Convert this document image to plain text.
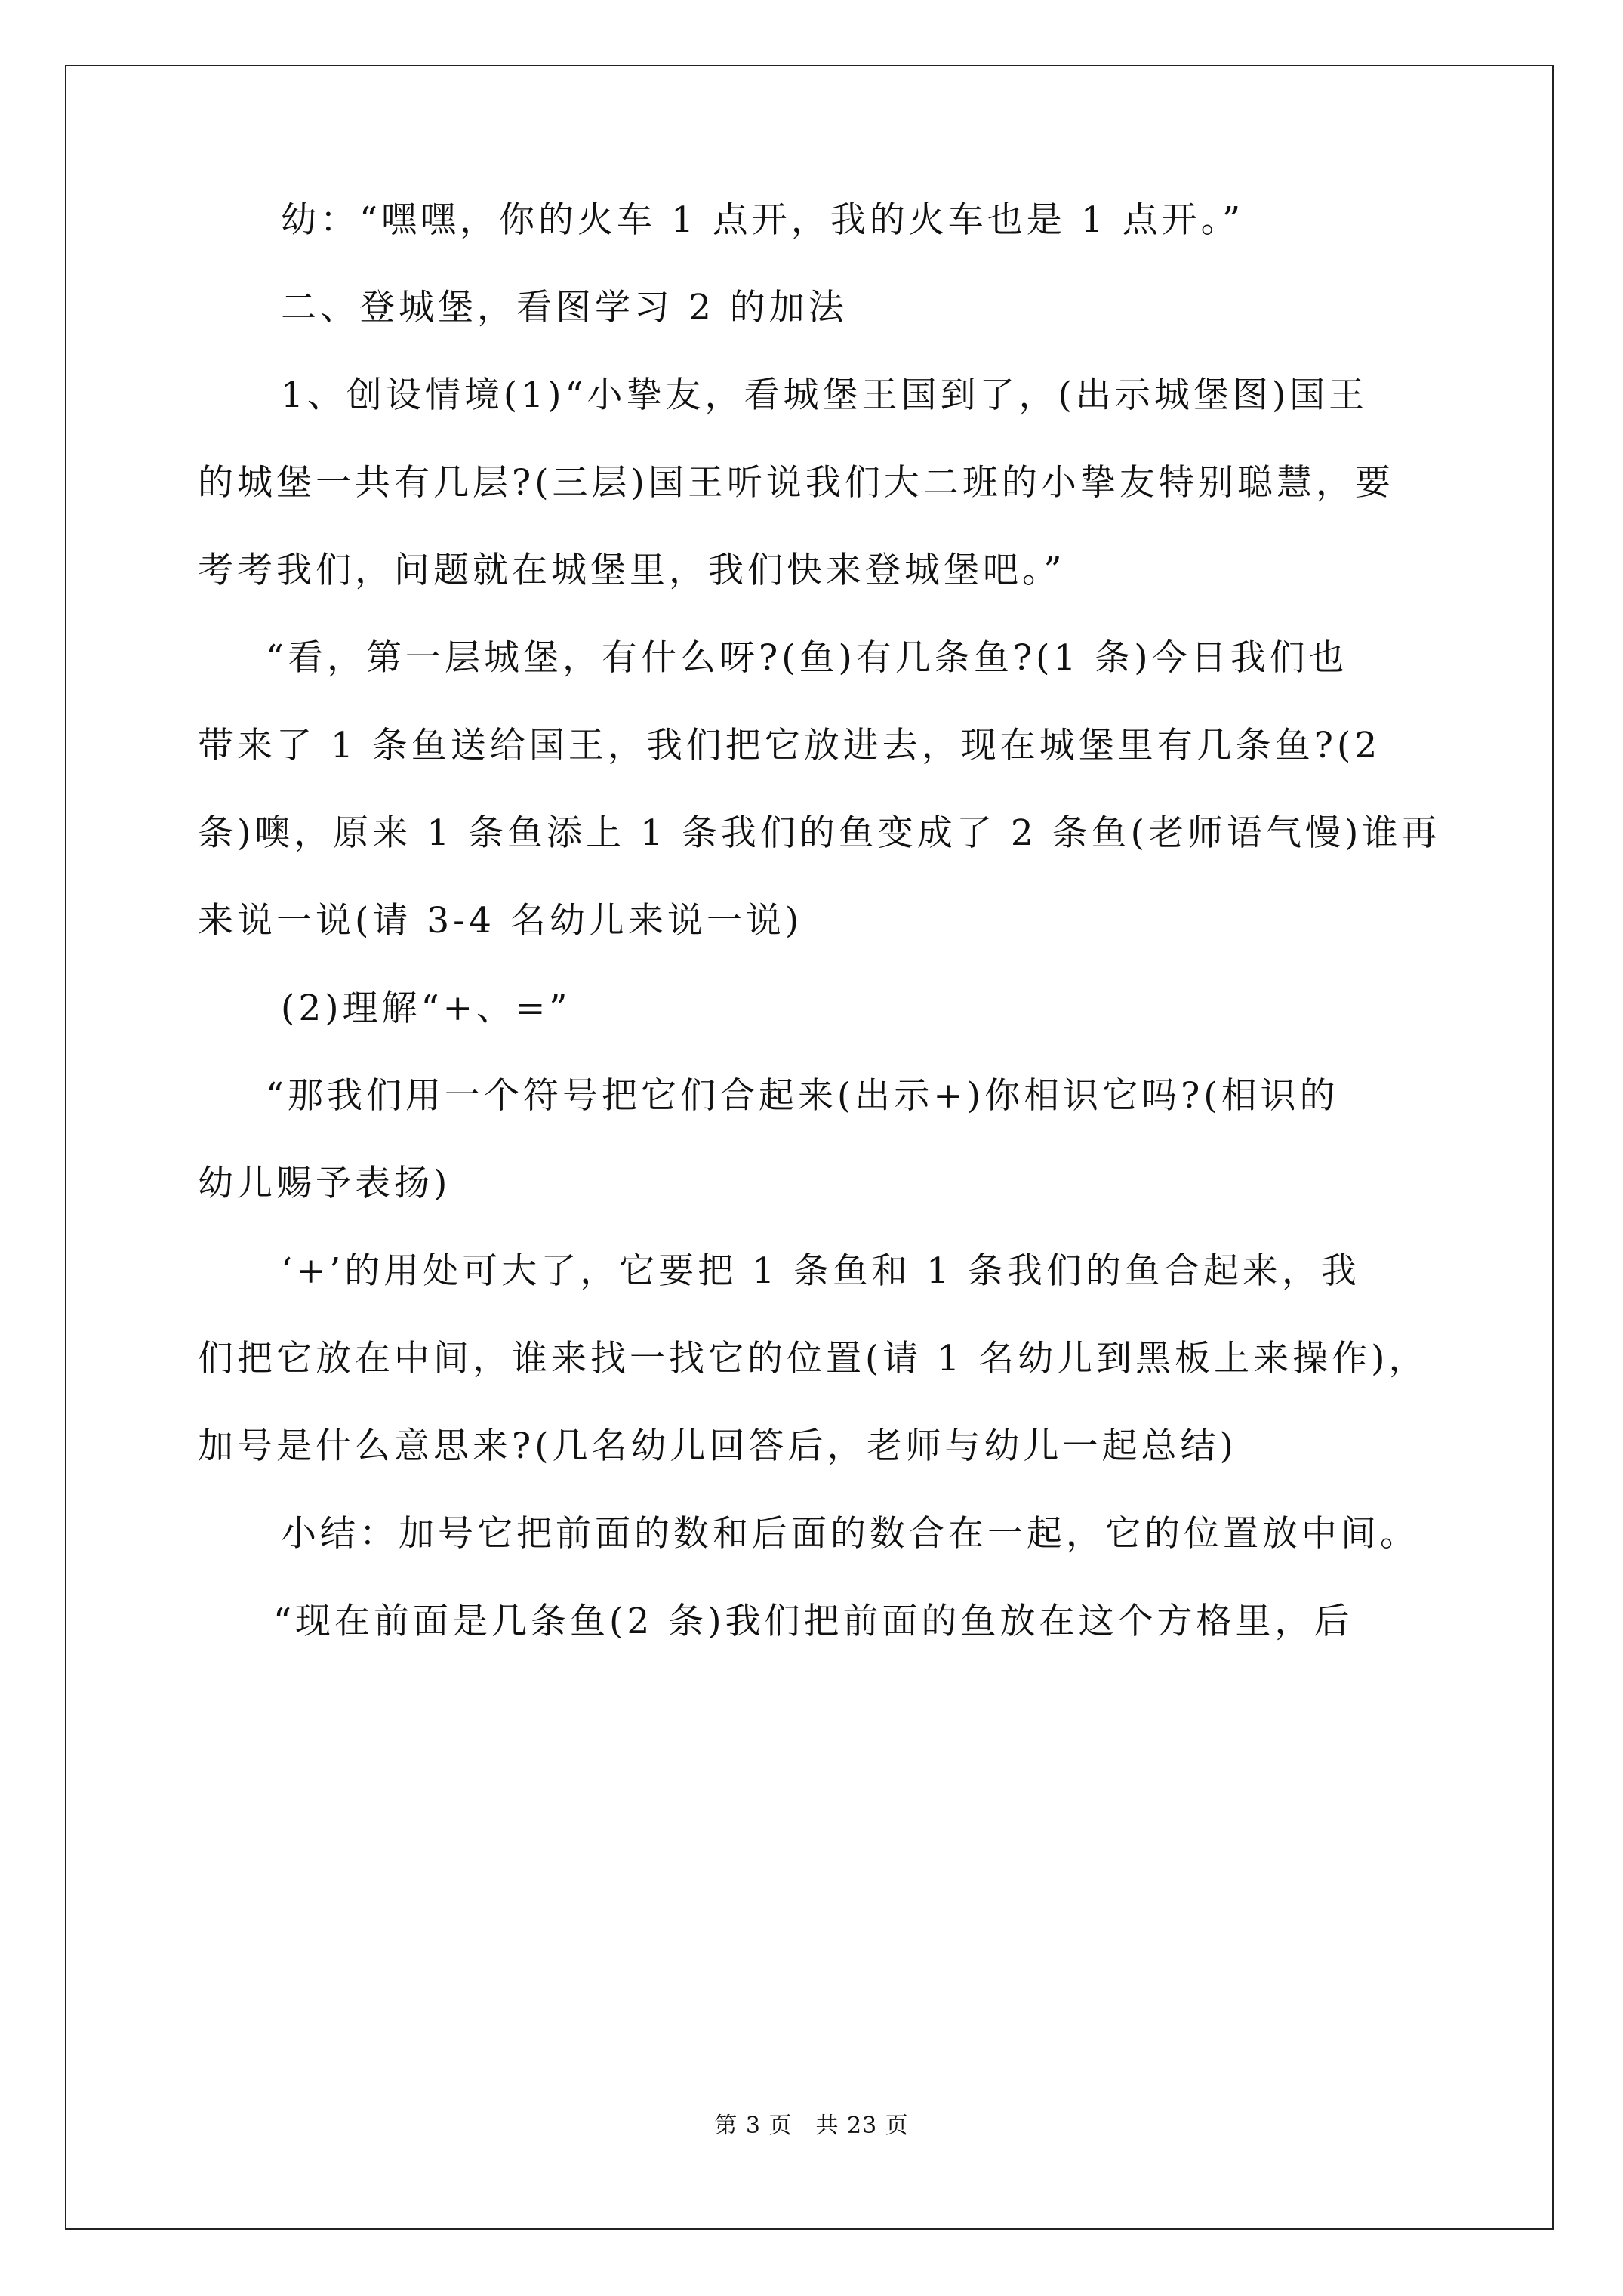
幼：“嘿嘿，你的火车 1 点开，我的火车也是 1 点开。”
二、登城堡，看图学习 2 的加法
1、创设情境(1)“小挚友，看城堡王国到了，(出示城堡图)国王
的城堡一共有几层?(三层)国王听说我们大二班的小挚友特别聪慧，要
考考我们，问题就在城堡里，我们快来登城堡吧。”
“看，第一层城堡，有什么呀?(鱼)有几条鱼?(1 条)今日我们也
带来了 1 条鱼送给国王，我们把它放进去，现在城堡里有几条鱼?(2
条)噢，原来 1 条鱼添上 1 条我们的鱼变成了 2 条鱼(老师语气慢)谁再
来说一说(请 3-4 名幼儿来说一说)
(2)理解“+、=”
“那我们用一个符号把它们合起来(出示+)你相识它吗?(相识的
幼儿赐予表扬)
‘+’的用处可大了，它要把 1 条鱼和 1 条我们的鱼合起来，我
们把它放在中间，谁来找一找它的位置(请 1 名幼儿到黑板上来操作)，
加号是什么意思来?(几名幼儿回答后，老师与幼儿一起总结)
小结：加号它把前面的数和后面的数合在一起，它的位置放中间。
“现在前面是几条鱼(2 条)我们把前面的鱼放在这个方格里，后
第 3 页　共 23 页
